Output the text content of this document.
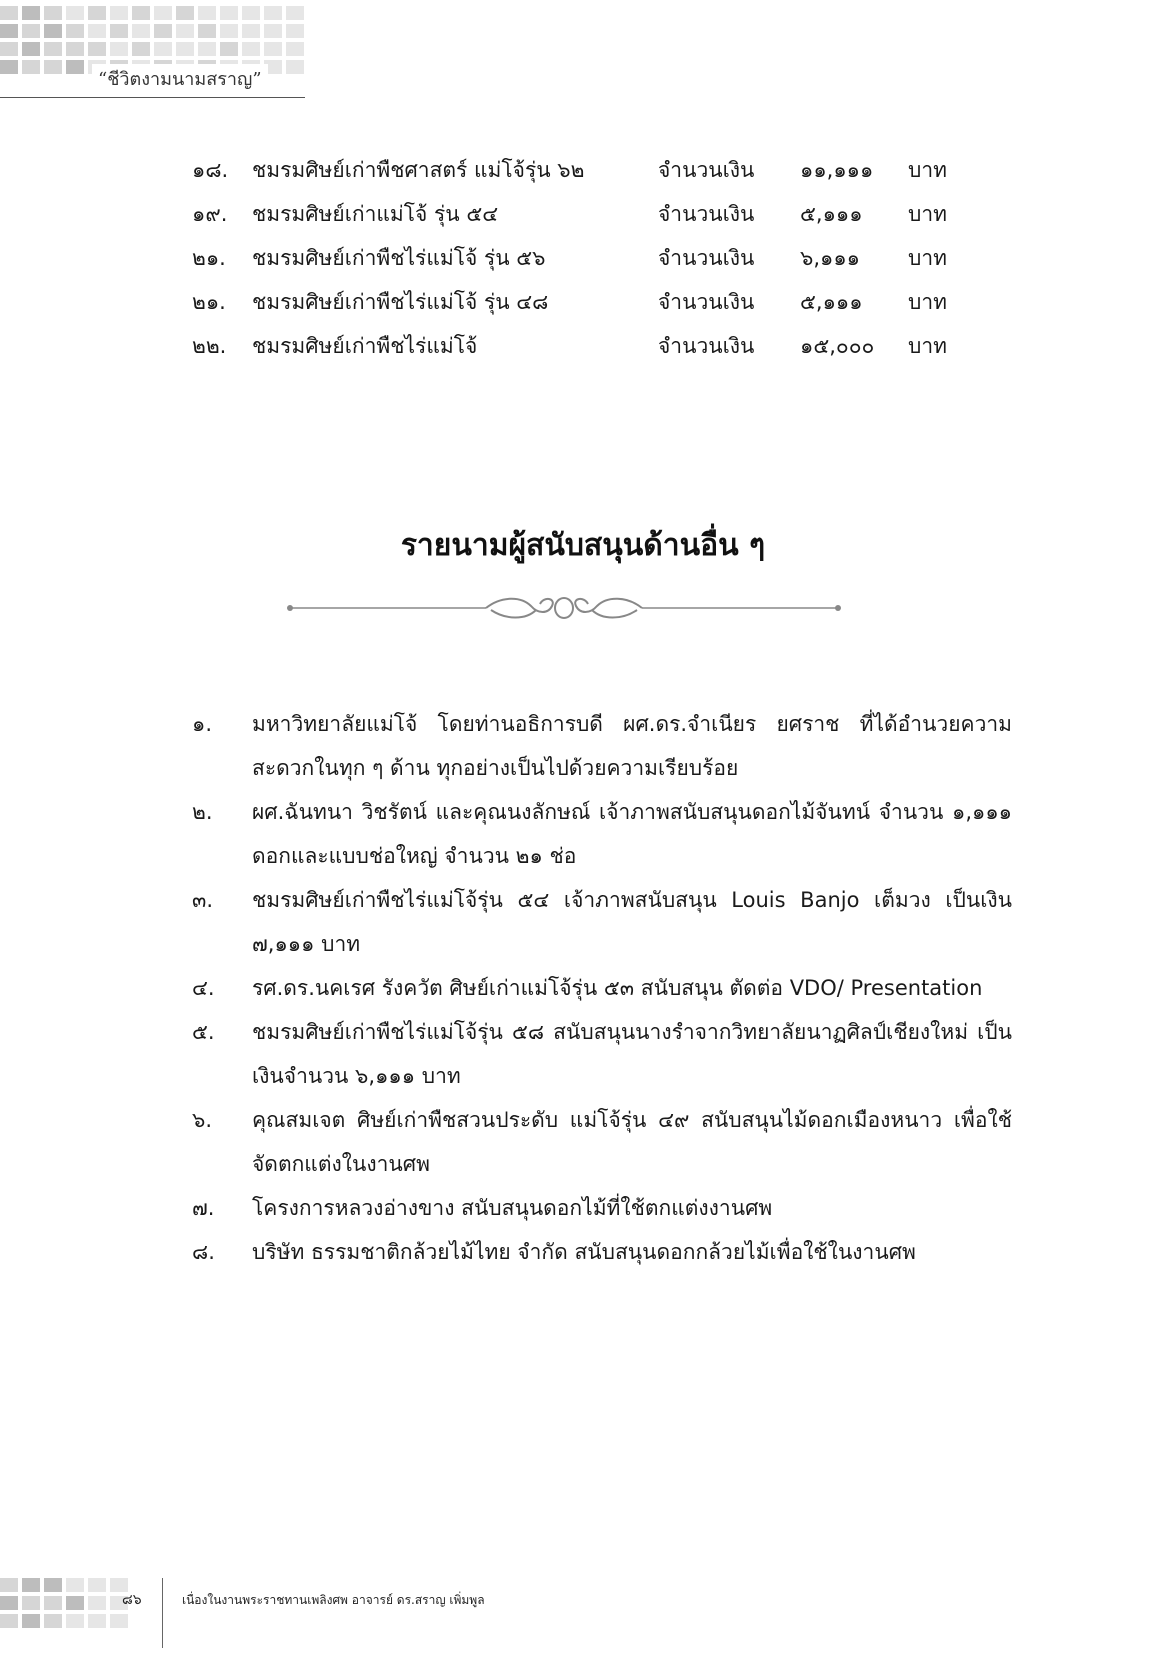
“ชีวิตงามนามสราญ”
๑๘. ชมรมศิษย์เก่าพืชศาสตร์ แม่โจ้รุ่น ๖๒	จำนวนเงิน ๑๑,๑๑๑ บาท
๑๙. ชมรมศิษย์เก่าแม่โจ้ รุ่น ๕๔	จำนวนเงิน ๕,๑๑๑ บาท
๒๑. ชมรมศิษย์เก่าพืชไร่แม่โจ้ รุ่น ๕๖	จำนวนเงิน ๖,๑๑๑ บาท
๒๑. ชมรมศิษย์เก่าพืชไร่แม่โจ้ รุ่น ๔๘	จำนวนเงิน ๕,๑๑๑ บาท
๒๒. ชมรมศิษย์เก่าพืชไร่แม่โจ้	จำนวนเงิน ๑๕,๐๐๐ บาท
รายนามผู้สนับสนุนด้านอื่น ๆ
๑. มหาวิทยาลัยแม่โจ้ โดยท่านอธิการบดี ผศ.ดร.จำเนียร ยศราช ที่ได้อำนวยความสะดวกในทุก ๆ ด้าน ทุกอย่างเป็นไปด้วยความเรียบร้อย
๒. ผศ.ฉันทนา วิชรัตน์ และคุณนงลักษณ์ เจ้าภาพสนับสนุนดอกไม้จันทน์ จำนวน ๑,๑๑๑ ดอกและแบบช่อใหญ่ จำนวน ๒๑ ช่อ
๓. ชมรมศิษย์เก่าพืชไร่แม่โจ้รุ่น ๕๔ เจ้าภาพสนับสนุน Louis Banjo เต็มวง เป็นเงิน ๗,๑๑๑ บาท
๔. รศ.ดร.นคเรศ รังควัต ศิษย์เก่าแม่โจ้รุ่น ๕๓ สนับสนุน ตัดต่อ VDO/ Presentation
๕. ชมรมศิษย์เก่าพืชไร่แม่โจ้รุ่น ๕๘ สนับสนุนนางรำจากวิทยาลัยนาฏศิลป์เชียงใหม่ เป็นเงินจำนวน ๖,๑๑๑ บาท
๖. คุณสมเจต ศิษย์เก่าพืชสวนประดับ แม่โจ้รุ่น ๔๙ สนับสนุนไม้ดอกเมืองหนาว เพื่อใช้จัดตกแต่งในงานศพ
๗. โครงการหลวงอ่างขาง สนับสนุนดอกไม้ที่ใช้ตกแต่งงานศพ
๘. บริษัท ธรรมชาติกล้วยไม้ไทย จำกัด สนับสนุนดอกกล้วยไม้เพื่อใช้ในงานศพ
๘๖	เนื่องในงานพระราชทานเพลิงศพ อาจารย์ ดร.สราญ เพิ่มพูล
